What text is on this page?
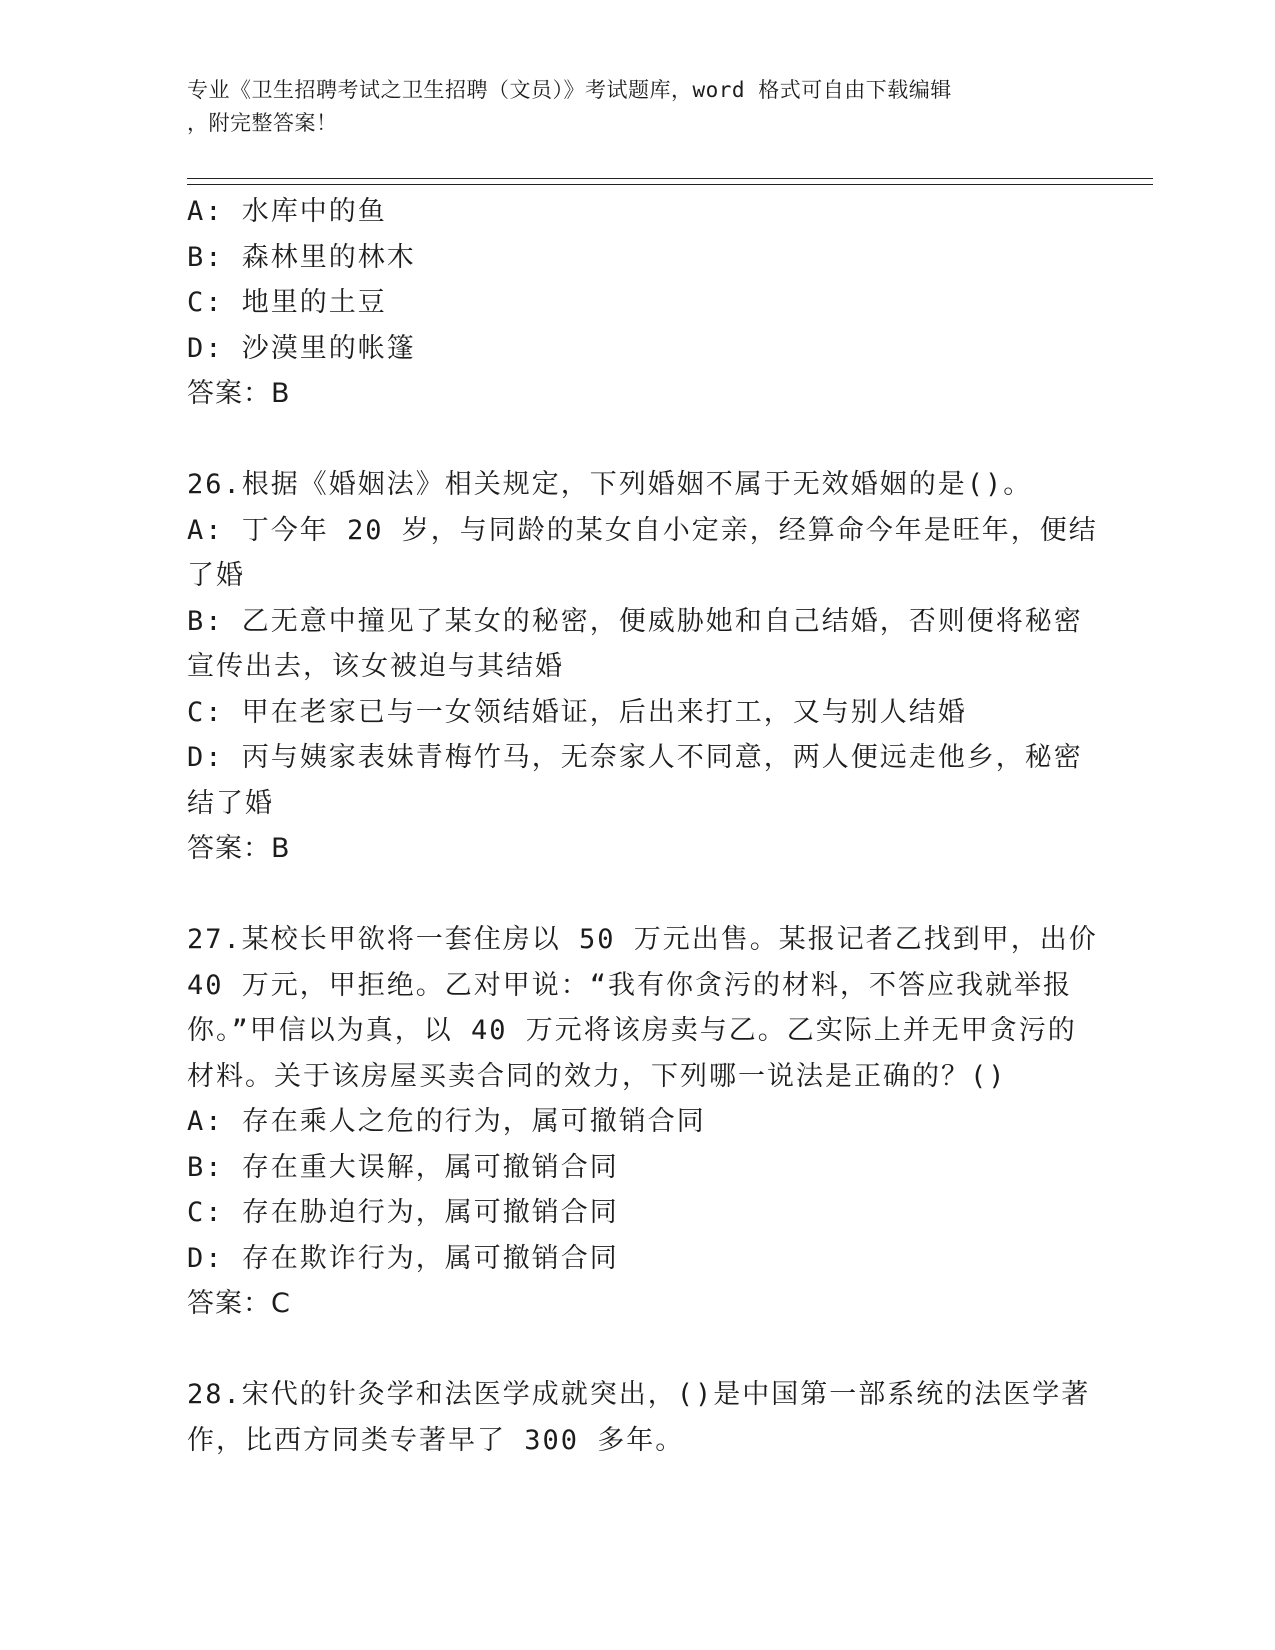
专业《卫生招聘考试之卫生招聘（文员）》考试题库，word 格式可自由下载编辑

，附完整答案！

A: 水库中的鱼

B: 森林里的林木

C: 地里的土豆

D: 沙漠里的帐篷

答案：B

26.根据《婚姻法》相关规定，下列婚姻不属于无效婚姻的是()。

A: 丁今年 20 岁，与同龄的某女自小定亲，经算命今年是旺年，便结

了婚

B: 乙无意中撞见了某女的秘密，便威胁她和自己结婚，否则便将秘密

宣传出去，该女被迫与其结婚

C: 甲在老家已与一女领结婚证，后出来打工，又与别人结婚

D: 丙与姨家表妹青梅竹马，无奈家人不同意，两人便远走他乡，秘密

结了婚

答案：B

27.某校长甲欲将一套住房以 50 万元出售。某报记者乙找到甲，出价

40 万元，甲拒绝。乙对甲说：“我有你贪污的材料，不答应我就举报

你。”甲信以为真，以 40 万元将该房卖与乙。乙实际上并无甲贪污的

材料。关于该房屋买卖合同的效力，下列哪一说法是正确的？()

A: 存在乘人之危的行为，属可撤销合同

B: 存在重大误解，属可撤销合同

C: 存在胁迫行为，属可撤销合同

D: 存在欺诈行为，属可撤销合同

答案：C

28.宋代的针灸学和法医学成就突出，()是中国第一部系统的法医学著

作，比西方同类专著早了 300 多年。
